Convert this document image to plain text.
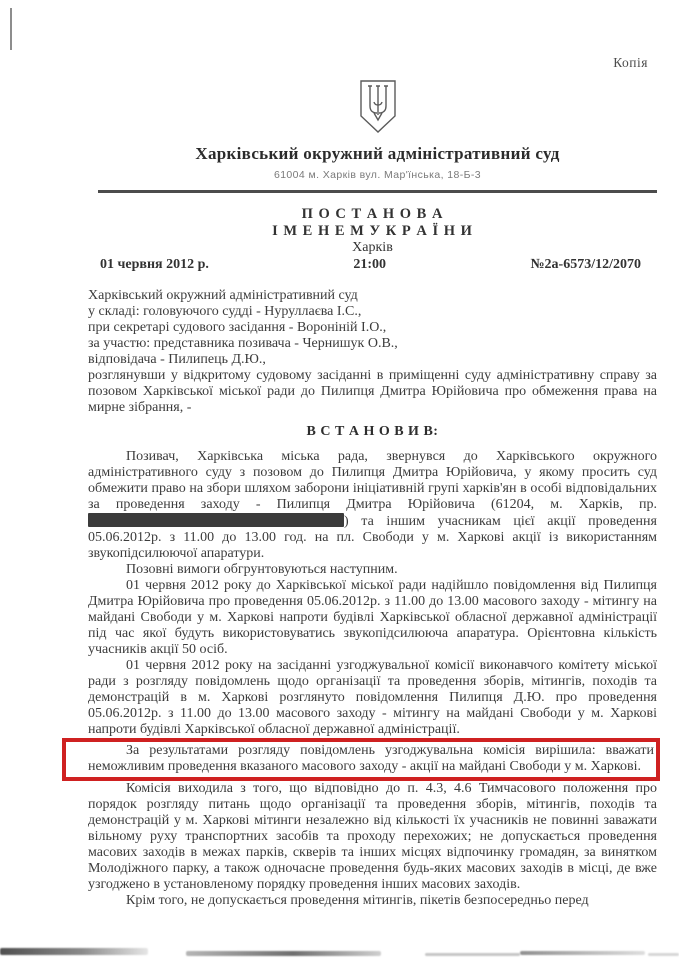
Копія
Харківський окружний адміністративний суд
61004 м. Харків вул. Мар'їнська, 18-Б-3
П О С Т А Н О В А
І М Е Н Е М У К Р А Ї Н И
Харків
01 червня 2012 р.	21:00	№2а-6573/12/2070
Харківський окружний адміністративний суд
у складі: головуючого судді - Нуруллаєва І.С.,
при секретарі судового засідання - Вороніній І.О.,
за участю: представника позивача - Чернишук О.В.,
відповідача - Пилипець Д.Ю.,

розглянувши у відкритому судовому засіданні в приміщенні суду адміністративну справу за позовом Харківської міської ради до Пилипця Дмитра Юрійовича про обмеження права на мирне зібрання, -

В С Т А Н О В И В:

Позивач, Харківська міська рада, звернувся до Харківського окружного адміністративного суду з позовом до Пилипця Дмитра Юрійовича, у якому просить суд обмежити право на збори шляхом заборони ініціативній групі харків'ян в особі відповідальних за проведення заходу - Пилипця Дмитра Юрійовича (61204, м. Харків, пр. ) та іншим учасникам цієї акції проведення 05.06.2012р. з 11.00 до 13.00 год. на пл. Свободи у м. Харкові акції із використанням звукопідсилюючої апаратури.

Позовні вимоги обгрунтовуються наступним.

01 червня 2012 року до Харківської міської ради надійшло повідомлення від Пилипця Дмитра Юрійовича про проведення 05.06.2012р. з 11.00 до 13.00 масового заходу - мітингу на майдані Свободи у м. Харкові напроти будівлі Харківської обласної державної адміністрації під час якої будуть використовуватись звукопідсилююча апаратура. Орієнтовна кількість учасників акції 50 осіб.

01 червня 2012 року на засіданні узгоджувальної комісії виконавчого комітету міської ради з розгляду повідомлень щодо організації та проведення зборів, мітингів, походів та демонстрацій в м. Харкові розглянуто повідомлення Пилипця Д.Ю. про проведення 05.06.2012р. з 11.00 до 13.00 масового заходу - мітингу на майдані Свободи у м. Харкові напроти будівлі Харківської обласної державної адміністрації.

За результатами розгляду повідомлень узгоджувальна комісія вирішила: вважати неможливим проведення вказаного масового заходу - акції на майдані Свободи у м. Харкові.

Комісія виходила з того, що відповідно до п. 4.3, 4.6 Тимчасового положення про порядок розгляду питань щодо організації та проведення зборів, мітингів, походів та демонстрацій у м. Харкові мітинги незалежно від кількості їх учасників не повинні заважати вільному руху транспортних засобів та проходу перехожих; не допускається проведення масових заходів в межах парків, скверів та інших місцях відпочинку громадян, за винятком Молодіжного парку, а також одночасне проведення будь-яких масових заходів в місці, де вже узгоджено в установленому порядку проведення інших масових заходів.

Крім того, не допускається проведення мітингів, пікетів безпосередньо перед
